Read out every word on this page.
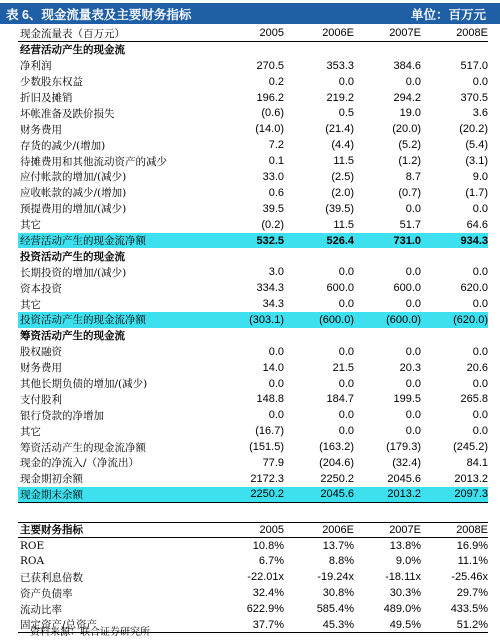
表 6、现金流量表及主要财务指标	单位：百万元
现金流量表（百万元）	2005	2006E	2007E	2008E
经营活动产生的现金流
净利润	270.5	353.3	384.6	517.0
少数股东权益	0.2	0.0	0.0	0.0
折旧及摊销	196.2	219.2	294.2	370.5
坏帐准备及跌价损失	(0.6)	0.5	19.0	3.6
财务费用	(14.0)	(21.4)	(20.0)	(20.2)
存货的减少/(增加)	7.2	(4.4)	(5.2)	(5.4)
待摊费用和其他流动资产的减少	0.1	11.5	(1.2)	(3.1)
应付帐款的增加/(减少)	33.0	(2.5)	8.7	9.0
应收帐款的减少/(增加)	0.6	(2.0)	(0.7)	(1.7)
预提费用的增加/(减少)	39.5	(39.5)	0.0	0.0
其它	(0.2)	11.5	51.7	64.6
经营活动产生的现金流净额	532.5	526.4	731.0	934.3
投资活动产生的现金流
长期投资的增加/(减少)	3.0	0.0	0.0	0.0
资本投资	334.3	600.0	600.0	620.0
其它	34.3	0.0	0.0	0.0
投资活动产生的现金流净额	(303.1)	(600.0)	(600.0)	(620.0)
筹资活动产生的现金流
股权融资	0.0	0.0	0.0	0.0
财务费用	14.0	21.5	20.3	20.6
其他长期负债的增加/(减少)	0.0	0.0	0.0	0.0
支付股利	148.8	184.7	199.5	265.8
银行贷款的净增加	0.0	0.0	0.0	0.0
其它	(16.7)	0.0	0.0	0.0
筹资活动产生的现金流净额	(151.5)	(163.2)	(179.3)	(245.2)
现金的净流入/（净流出）	77.9	(204.6)	(32.4)	84.1
现金期初余额	2172.3	2250.2	2045.6	2013.2
现金期末余额	2250.2	2045.6	2013.2	2097.3
主要财务指标	2005	2006E	2007E	2008E
ROE	10.8%	13.7%	13.8%	16.9%
ROA	6.7%	8.8%	9.0%	11.1%
已获利息倍数	-22.01x	-19.24x	-18.11x	-25.46x
资产负债率	32.4%	30.8%	30.3%	29.7%
流动比率	622.9%	585.4%	489.0%	433.5%
固定资产/总资产	37.7%	45.3%	49.5%	51.2%
资料来源：联合证券研究所
